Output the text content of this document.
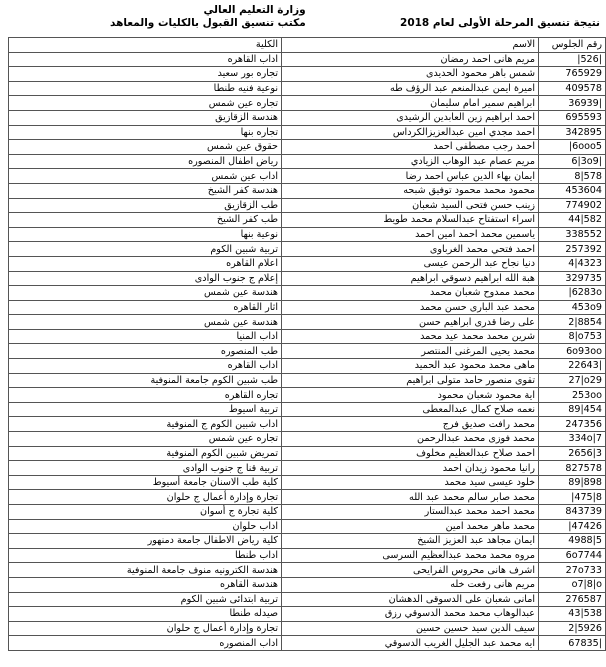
وزارة التعليم العالي
مكتب تنسيق القبول بالكليات والمعاهد	نتيجة تنسيق المرحلة الأولى لعام 2018
رقم الجلوس	الاسم	الكلية
|526|	مريم هانى احمد رمضان	اداب القاهره
765929	شمس باهر محمود الحديدى	تجاره بور سعيد
409578	اميرة ايمن عبدالمنعم عبد الرؤف طه	نوعية فنيه طنطا
36939|	ابراهيم سمير امام سليمان	تجاره عين شمس
695593	احمد ابراهيم زين العابدين الرشيدى	هندسة الزقازيق
342895	احمد مجدي امين عبدالعزيزالكرداس	تجاره بنها
|6ooo5	احمد رجب مصطفى احمد	حقوق عين شمس
6|3o9|	مريم عصام عبد الوهاب الزيادي	رياض اطفال المنصوره
8|578	ايمان بهاء الدين عباس احمد رضا	اداب عين شمس
453604	محمود محمد محمود توفيق شبحه	هندسة كفر الشيخ
774902	زينب حسن فتحى السيد شعبان	طب الزقازيق
44|582	اسراء استفتاح عبدالسلام محمد طويط	طب كفر الشيخ
338552	ياسمين محمد احمد امين احمد	نوعية بنها
257392	احمد فتحي محمد الغرباوى	تربية شبين الكوم
4|4323	دنيا نجاح عبد الرحمن عيسى	اعلام القاهره
329735	هبة الله ابراهيم دسوقي ابراهيم	إعلام ج جنوب الوادى
|6283o	محمد ممدوح شعبان محمد	هندسة عين شمس
453o9	محمد عبد البارى حسن محمد	اثار القاهره
2|8854	على رضا قدرى ابراهيم حسن	هندسة عين شمس
8|o753	شرين محمد محمد عيد محمد	اداب المنيا
6o93oo	محمد يحيى المرغنى المنتصر	طب المنصوره
22643|	ماهى محمد محمود عبد الحميد	اداب القاهره
27|o29	تقوى منصور حامد متولى ابراهيم	طب شبين الكوم جامعة المنوفية
253oo	اية محمود شعبان محمود	تجاره القاهره
89|454	نعمه صلاح كمال عبدالمعطى	تربية اسيوط
247356	محمد رافت صديق فرج	اداب شبين الكوم ج المنوفية
334o|7	محمد فوزى محمد عبدالرحمن	تجاره عين شمس
2656|3	احمد صلاح عبدالعظيم مخلوف	تمريض شبين الكوم المنوفية
827578	رانيا محمود زيدان احمد	تربية قنا ج جنوب الوادى
89|898	خلود عيسى سيد محمد	كلية طب الاسنان جامعة أسيوط
|475|8	محمد صابر سالم محمد عبد الله	تجارة وإدارة أعمال ج حلوان
843739	محمد احمد محمد عبدالستار	كلية تجارة ج أسوان
|47426	محمد ماهر محمد امين	اداب حلوان
4988|5	ايمان مجاهد عبد العزيز الشيخ	كلية رياض الاطفال جامعة دمنهور
6o7744	مروه محمد محمد عبدالعظيم السرسى	اداب طنطا
27o733	اشرف هانى محروس الفرايحى	هندسة الكترونيه منوف جامعة المنوفية
o7|8|o	مريم هانى رفعت خله	هندسة القاهره
276587	امانى شعبان على الدسوقى الدهشان	تربية ابتدائى شبين الكوم
43|538	عبدالوهاب محمد محمد الدسوقي رزق	صيدله طنطا
2|5926	سيف الدين سيد حسين حسين	تجارة وإدارة أعمال ج حلوان
67835|	ايه محمد عبد الجليل الغريب الدسوقي	اداب المنصوره
